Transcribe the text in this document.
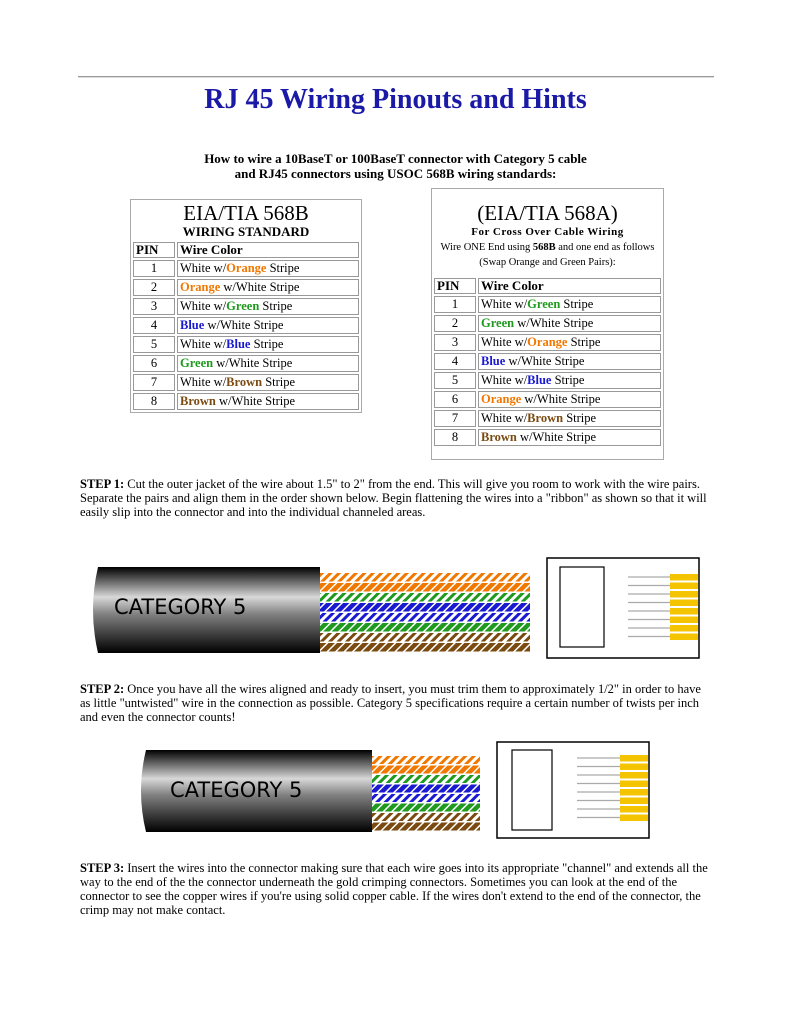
RJ 45 Wiring Pinouts and Hints
How to wire a 10BaseT or 100BaseT connector with Category 5 cable
and RJ45 connectors using USOC 568B wiring standards:
EIA/TIA 568B
WIRING STANDARD
PIN	Wire Color
1	White w/Orange Stripe
2	Orange w/White Stripe
3	White w/Green Stripe
4	Blue w/White Stripe
5	White w/Blue Stripe
6	Green w/White Stripe
7	White w/Brown Stripe
8	Brown w/White Stripe
(EIA/TIA 568A)
For Cross Over Cable Wiring
Wire ONE End using 568B and one end as follows (Swap Orange and Green Pairs):
PIN	Wire Color
1	White w/Green Stripe
2	Green w/White Stripe
3	White w/Orange Stripe
4	Blue w/White Stripe
5	White w/Blue Stripe
6	Orange w/White Stripe
7	White w/Brown Stripe
8	Brown w/White Stripe
STEP 1: Cut the outer jacket of the wire about 1.5" to 2" from the end. This will give you room to work with the wire pairs. Separate the pairs and align them in the order shown below. Begin flattening the wires into a "ribbon" as shown so that it will easily slip into the connector and into the individual channeled areas.
CATEGORY 5
STEP 2: Once you have all the wires aligned and ready to insert, you must trim them to approximately 1/2" in order to have as little "untwisted" wire in the connection as possible. Category 5 specifications require a certain number of twists per inch and even the connector counts!
CATEGORY 5
STEP 3: Insert the wires into the connector making sure that each wire goes into its appropriate "channel" and extends all the way to the end of the the connector underneath the gold crimping connectors. Sometimes you can look at the end of the connector to see the copper wires if you're using solid copper cable. If the wires don't extend to the end of the connector, the crimp may not make contact.
